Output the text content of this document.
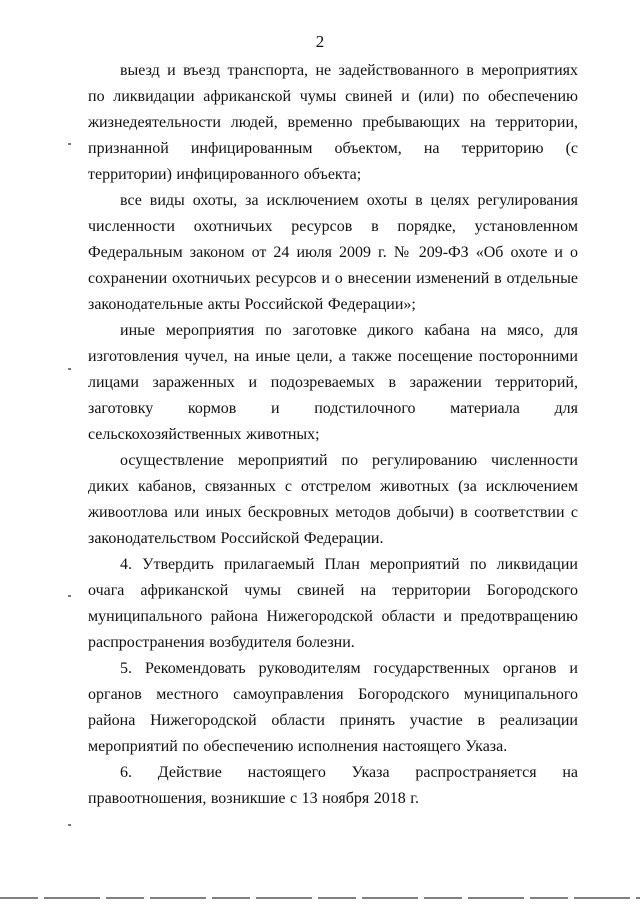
2

выезд и въезд транспорта, не задействованного в мероприятиях по ликвидации африканской чумы свиней и (или) по обеспечению жизнедеятельности людей, временно пребывающих на территории, признанной инфицированным объектом, на территорию (с территории) инфицированного объекта;

все виды охоты, за исключением охоты в целях регулирования численности охотничьих ресурсов в порядке, установленном Федеральным законом от 24 июля 2009 г. № 209-ФЗ «Об охоте и о сохранении охотничьих ресурсов и о внесении изменений в отдельные законодательные акты Российской Федерации»;

иные мероприятия по заготовке дикого кабана на мясо, для изготовления чучел, на иные цели, а также посещение посторонними лицами зараженных и подозреваемых в заражении территорий, заготовку кормов и подстилочного материала для сельскохозяйственных животных;

осуществление мероприятий по регулированию численности диких кабанов, связанных с отстрелом животных (за исключением живоотлова или иных бескровных методов добычи) в соответствии с законодательством Российской Федерации.

4. Утвердить прилагаемый План мероприятий по ликвидации очага африканской чумы свиней на территории Богородского муниципального района Нижегородской области и предотвращению распространения возбудителя болезни.

5. Рекомендовать руководителям государственных органов и органов местного самоуправления Богородского муниципального района Нижегородской области принять участие в реализации мероприятий по обеспечению исполнения настоящего Указа.

6. Действие настоящего Указа распространяется на правоотношения, возникшие с 13 ноября 2018 г.
